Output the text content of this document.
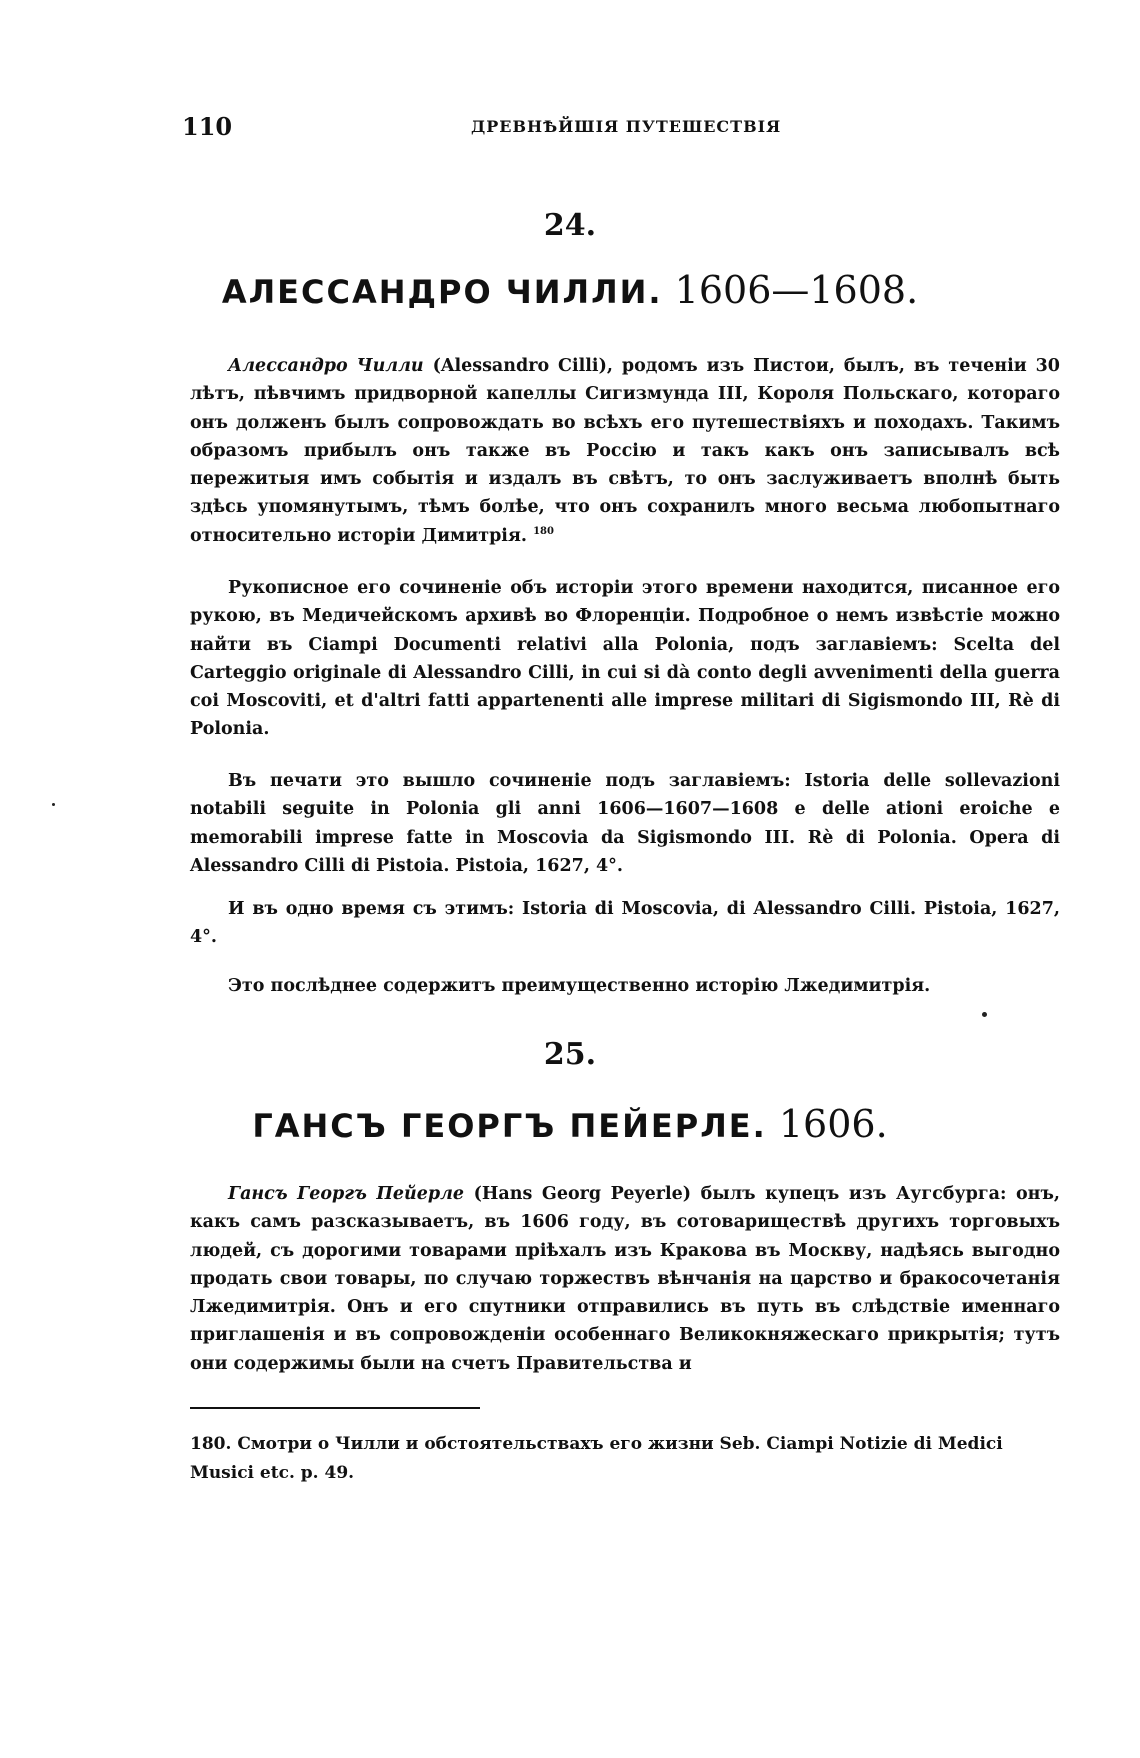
110	ДРЕВНѢЙШІЯ ПУТЕШЕСТВІЯ
24.
АЛЕССАНДРО ЧИЛЛИ. 1606—1608.

Алессандро Чилли (Alessandro Cilli), родомъ изъ Пистои, былъ, въ теченіи 30 лѣтъ, пѣвчимъ придворной капеллы Сигизмунда III, Короля Польскаго, котораго онъ долженъ былъ сопровождать во всѣхъ его путешествіяхъ и походахъ. Такимъ образомъ прибылъ онъ также въ Россію и такъ какъ онъ записывалъ всѣ пережитыя имъ событія и издалъ въ свѣтъ, то онъ заслуживаетъ вполнѣ быть здѣсь упомянутымъ, тѣмъ болѣе, что онъ сохранилъ много весьма любопытнаго относительно исторіи Димитрія. $^{180}$

Рукописное его сочиненіе объ исторіи этого времени находится, писанное его рукою, въ Медичейскомъ архивѣ во Флоренціи. Подробное о немъ извѣстіе можно найти въ Ciampi Documenti relativi alla Polonia, подъ заглавіемъ: Scelta del Carteggio originale di Alessandro Cilli, in cui si dà conto degli avvenimenti della guerra coi Moscoviti, et d'altri fatti appartenenti alle imprese militari di Sigismondo III, Rè di Polonia.

Въ печати это вышло сочиненіе подъ заглавіемъ: Istoria delle sollevazioni notabili seguite in Polonia gli anni 1606—1607—1608 e delle ationi eroiche e memorabili imprese fatte in Moscovia da Sigismondo III. Rè di Polonia. Opera di Alessandro Cilli di Pistoia. Pistoia, 1627, 4°.

И въ одно время съ этимъ: Istoria di Moscovia, di Alessandro Cilli. Pistoia, 1627, 4°.

Это послѣднее содержитъ преимущественно исторію Лжедимитрія.

25.
ГАНСЪ ГЕОРГЪ ПЕЙЕРЛЕ. 1606.

Гансъ Георгъ Пейерле (Hans Georg Peyerle) былъ купецъ изъ Аугсбурга: онъ, какъ самъ разсказываетъ, въ 1606 году, въ сотовариществѣ другихъ торговыхъ людей, съ дорогими товарами пріѣхалъ изъ Кракова въ Москву, надѣясь выгодно продать свои товары, по случаю торжествъ вѣнчанія на царство и бракосочетанія Лжедимитрія. Онъ и его спутники отправились въ путь въ слѣдствіе именнаго приглашенія и въ сопровожденіи особеннаго Великокняжескаго прикрытія; тутъ они содержимы были на счетъ Правительства и

180. Смотри о Чилли и обстоятельствахъ его жизни Seb. Ciampi Notizie di Medici Musici etc. p. 49.
